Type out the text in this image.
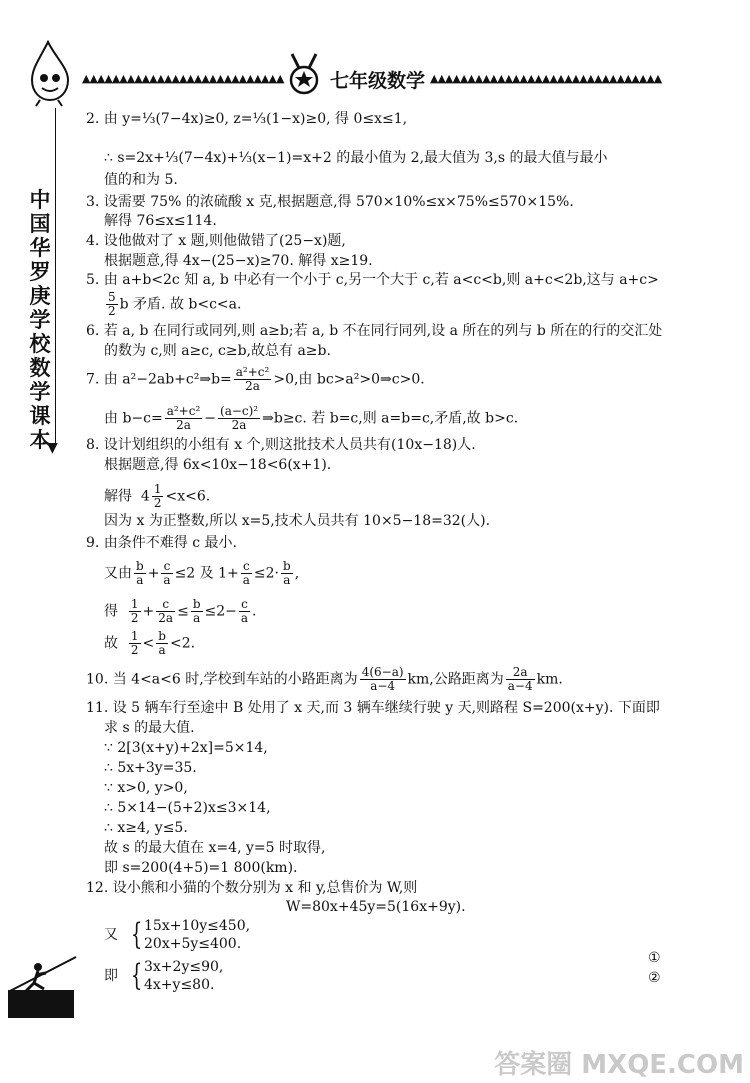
▲▲▲▲▲▲▲▲▲▲▲▲▲▲▲▲▲▲▲▲▲▲▲▲▲▲▲ 七年级数学 ▲▲▲▲▲▲▲▲▲▲▲▲▲▲▲▲▲▲▲▲▲▲▲▲▲▲▲▲▲▲▲
中国华罗庚学校数学课本
▼
2. 由 y=⅓(7−4x)≥0, z=⅓(1−x)≥0, 得 0≤x≤1,
∴ s=2x+⅓(7−4x)+⅓(x−1)=x+2 的最小值为 2,最大值为 3,s 的最大值与最小
值的和为 5.
3. 设需要 75% 的浓硫酸 x 克,根据题意,得 570×10%≤x×75%≤570×15%.
解得 76≤x≤114.
4. 设他做对了 x 题,则他做错了(25−x)题,
根据题意,得 4x−(25−x)≥70. 解得 x≥19.
5. 由 a+b<2c 知 a, b 中必有一个小于 c,另一个大于 c,若 a<c<b,则 a+c<2b,这与 a+c>
$\frac{5}{2}$ b 矛盾. 故 b<c<a.
6. 若 a, b 在同行或同列,则 a≥b;若 a, b 不在同行同列,设 a 所在的列与 b 所在的行的交汇处
的数为 c,则 a≥c, c≥b,故总有 a≥b.
7. 由 a²−2ab+c²⇒b= $\frac{\text{a²+c²}}{2a} >0$,由 bc>a²>0⇒c>0.
由 $b-c= \frac{\text{a²+c²}}{2a} - \frac{\text{(a−c)²}}{2a}$ ⇒b≥c. 若 b=c,则 a=b=c,矛盾,故 b>c.
8. 设计划组织的小组有 x 个,则这批技术人员共有(10x−18)人.
根据题意,得 6x<10x−18<6(x+1).
解得 $4 \frac{1}{2} <x<6$.
因为 x 为正整数,所以 x=5,技术人员共有 10×5−18=32(人).
9. 由条件不难得 c 最小.
又由 $\frac{b}{a} + \frac{c}{a} \le 2$ 及 $1+ \frac{c}{a} \le 2\cdot \frac{b}{a}$ ,
得 $\frac{1}{2} + \frac{c}{2a} \le \frac{b}{a} \le 2- \frac{c}{a}$ .
故 $\frac{1}{2} < \frac{b}{a} <2$.
10. 当 4<a<6 时,学校到车站的小路距离为 $\frac{4(6-a)}{a-4}$ km,公路距离为 $\frac{2a}{a-4}$ km.
11. 设 5 辆车行至途中 B 处用了 x 天,而 3 辆车继续行驶 y 天,则路程 S=200(x+y). 下面即
求 s 的最大值.
∵ 2[3(x+y)+2x]=5×14,
∴ 5x+3y=35.
∵ x>0, y>0,
∴ 5×14−(5+2)x≤3×14,
∴ x≥4, y≤5.
故 s 的最大值在 x=4, y=5 时取得,
即 s=200(4+5)=1 800(km).
12. 设小熊和小猫的个数分别为 x 和 y,总售价为 W,则
W=80x+45y=5(16x+9y).
又 { 15x+10y≤450,
20x+5y≤400.
即 { 3x+2y≤90,
4x+y≤80.
①
②
答案圈 MXQE.COM
